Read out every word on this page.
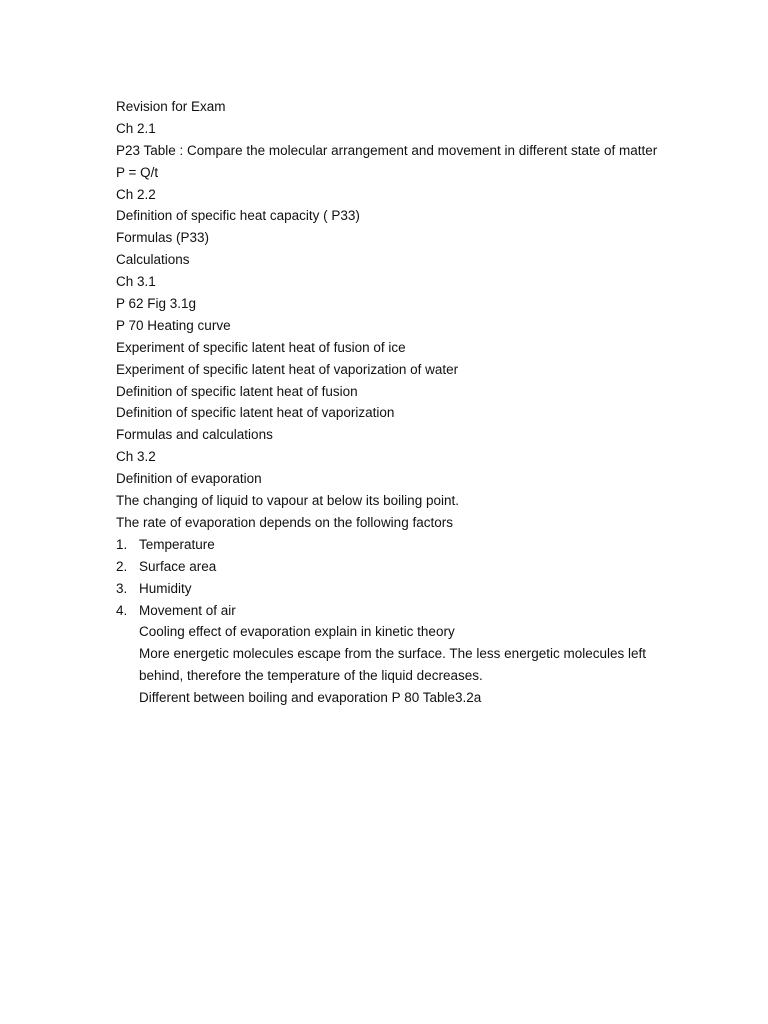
Revision for Exam
Ch 2.1
P23 Table : Compare the molecular arrangement and movement in different state of matter
P = Q/t
Ch 2.2
Definition of specific heat capacity ( P33)
Formulas (P33)
Calculations
Ch 3.1
P 62 Fig 3.1g
P 70 Heating curve
Experiment of specific latent heat of fusion of ice
Experiment of specific latent heat of vaporization of water
Definition of specific latent heat of fusion
Definition of specific latent heat of vaporization
Formulas and calculations
Ch 3.2
Definition of evaporation
The changing of liquid to vapour at below its boiling point.
The rate of evaporation depends on the following factors
1. Temperature
2. Surface area
3. Humidity
4. Movement of air
Cooling effect of evaporation explain in kinetic theory
More energetic molecules escape from the surface. The less energetic molecules left behind, therefore the temperature of the liquid decreases.
Different between boiling and evaporation P 80 Table3.2a
